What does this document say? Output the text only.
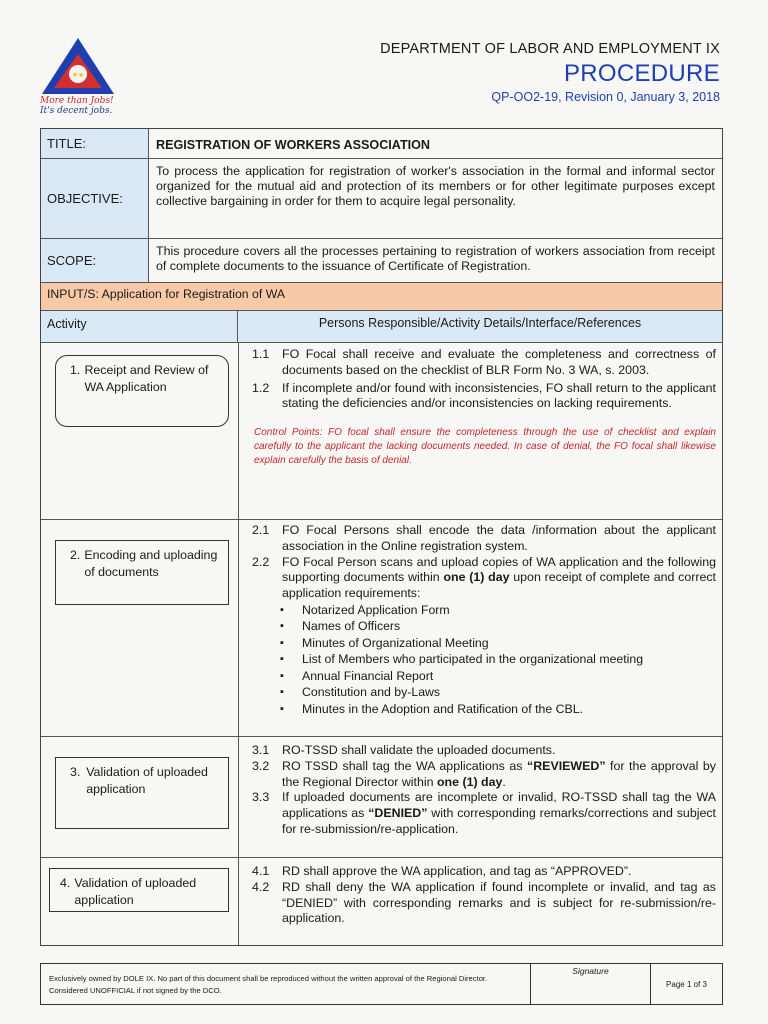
★★
More than Jobs!
It's decent jobs.
DEPARTMENT OF LABOR AND EMPLOYMENT IX
PROCEDURE
QP-OO2-19, Revision 0, January 3, 2018
TITLE:	REGISTRATION OF WORKERS ASSOCIATION
OBJECTIVE:
To process the application for registration of worker's association in the formal and informal sector organized for the mutual aid and protection of its members or for other legitimate purposes except collective bargaining in order for them to acquire legal personality.
SCOPE:
This procedure covers all the processes pertaining to registration of workers association from receipt of complete documents to the issuance of Certificate of Registration.
INPUT/S: Application for Registration of WA
Activity	Persons Responsible/Activity Details/Interface/References
1. Receipt and Review of WA Application
1.1	FO Focal shall receive and evaluate the completeness and correctness of documents based on the checklist of BLR Form No. 3 WA, s. 2003.
1.2	If incomplete and/or found with inconsistencies, FO shall return to the applicant stating the deficiencies and/or inconsistencies on lacking requirements.
Control Points: FO focal shall ensure the completeness through the use of checklist and explain carefully to the applicant the lacking documents needed. In case of denial, the FO focal shall likewise explain carefully the basis of denial.
2. Encoding and uploading of documents
2.1	FO Focal Persons shall encode the data /information about the applicant association in the Online registration system.
2.2	FO Focal Person scans and upload copies of WA application and the following supporting documents within one (1) day upon receipt of complete and correct application requirements:
▪ Notarized Application Form
▪ Names of Officers
▪ Minutes of Organizational Meeting
▪ List of Members who participated in the organizational meeting
▪ Annual Financial Report
▪ Constitution and by-Laws
▪ Minutes in the Adoption and Ratification of the CBL.
3. Validation of uploaded application
3.1	RO-TSSD shall validate the uploaded documents.
3.2	RO TSSD shall tag the WA applications as “REVIEWED” for the approval by the Regional Director within one (1) day.
3.3	If uploaded documents are incomplete or invalid, RO-TSSD shall tag the WA applications as “DENIED” with corresponding remarks/corrections and subject for re-submission/re-application.
4. Validation of uploaded application
4.1	RD shall approve the WA application, and tag as “APPROVED”.
4.2	RD shall deny the WA application if found incomplete or invalid, and tag as “DENIED” with corresponding remarks and is subject for re-submission/re-application.
Exclusively owned by DOLE IX. No part of this document shall be reproduced without the written approval of the Regional Director. Considered UNOFFICIAL if not signed by the DCO.
Signature
Page 1 of 3
